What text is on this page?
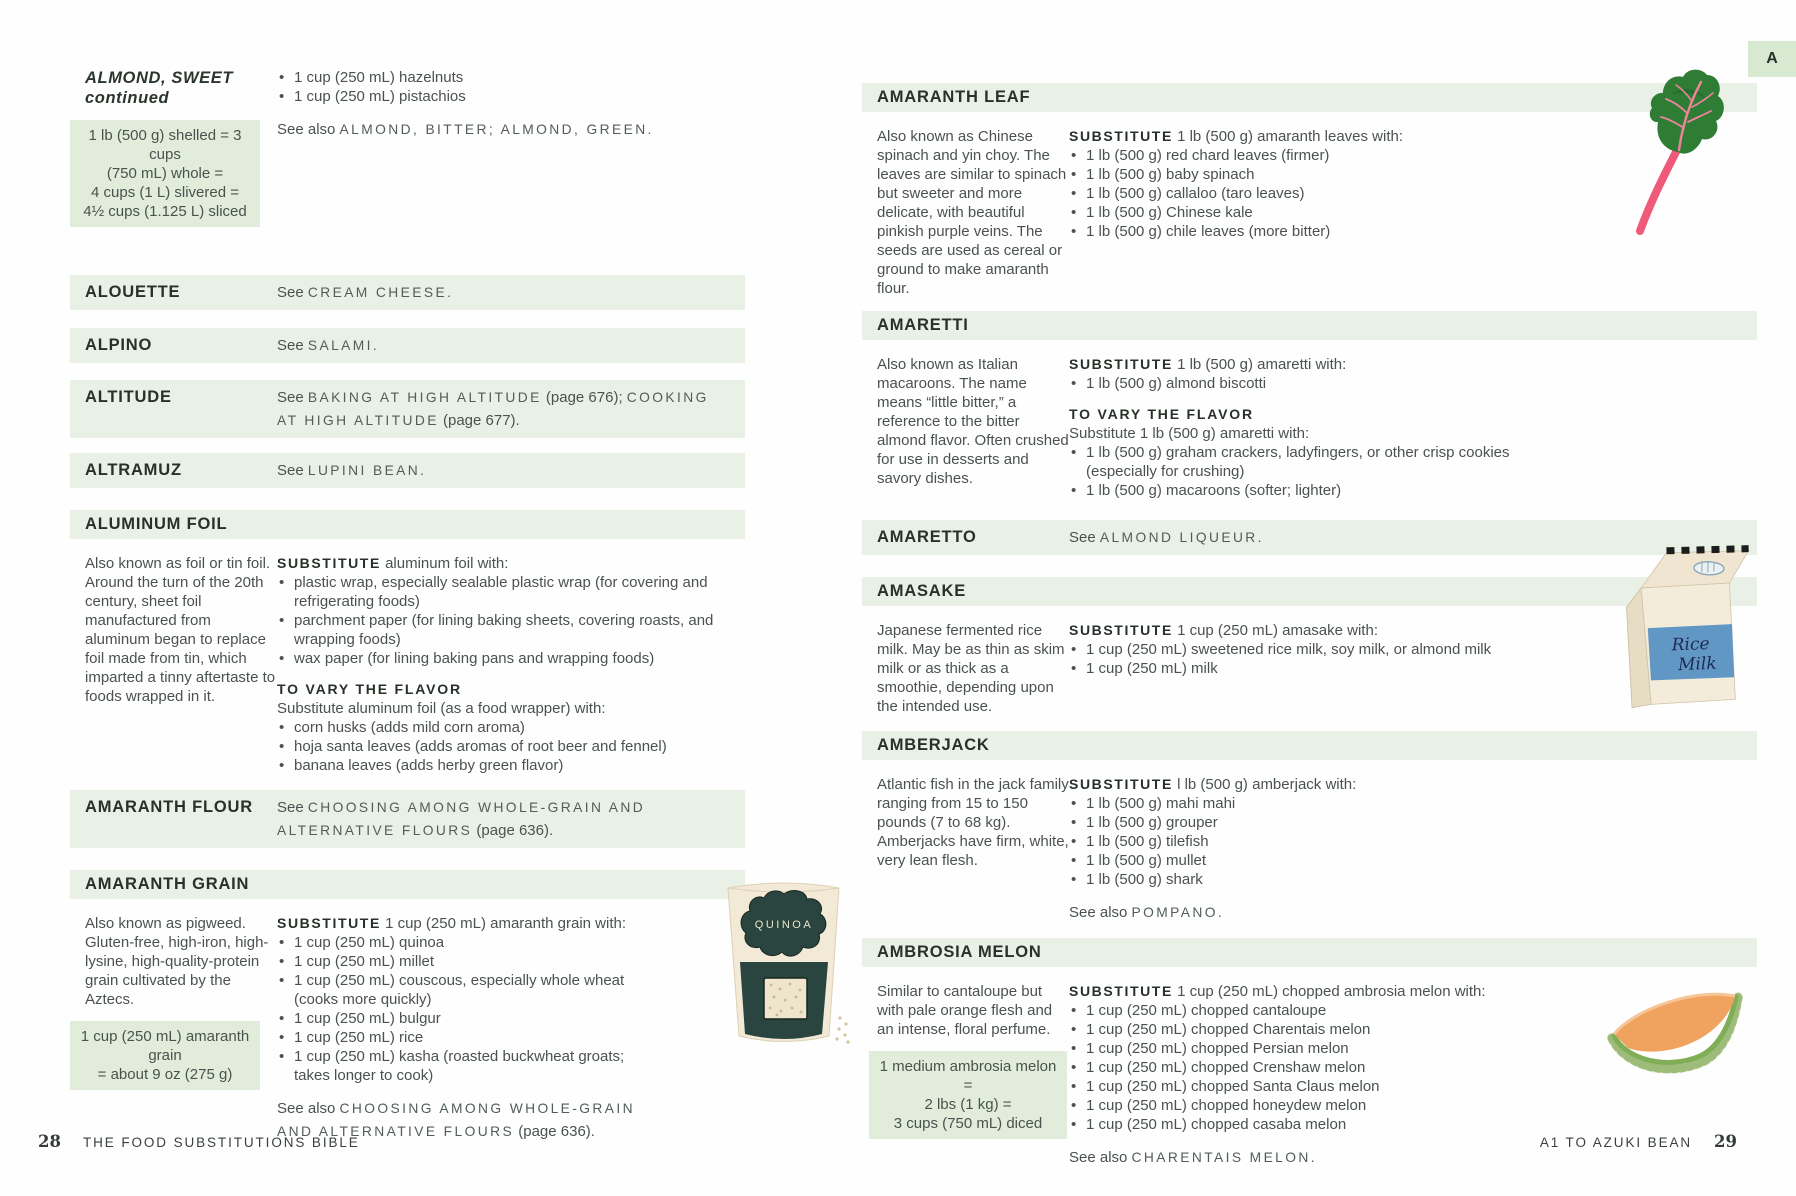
ALMOND, SWEET
continued
1 lb (500 g) shelled = 3 cups
(750 mL) whole =
4 cups (1 L) slivered =
4½ cups (1.125 L) sliced
• 1 cup (250 mL) hazelnuts
• 1 cup (250 mL) pistachios
See also ALMOND, BITTER; ALMOND, GREEN.
ALOUETTE	See CREAM CHEESE.
ALPINO	See SALAMI.
ALTITUDE	See BAKING AT HIGH ALTITUDE (page 676); COOKING AT HIGH ALTITUDE (page 677).
ALTRAMUZ	See LUPINI BEAN.
ALUMINUM FOIL
Also known as foil or tin foil. Around the turn of the 20th century, sheet foil manufactured from aluminum began to replace foil made from tin, which imparted a tinny aftertaste to foods wrapped in it.
SUBSTITUTE aluminum foil with:
• plastic wrap, especially sealable plastic wrap (for covering and refrigerating foods)
• parchment paper (for lining baking sheets, covering roasts, and wrapping foods)
• wax paper (for lining baking pans and wrapping foods)
TO VARY THE FLAVOR
Substitute aluminum foil (as a food wrapper) with:
• corn husks (adds mild corn aroma)
• hoja santa leaves (adds aromas of root beer and fennel)
• banana leaves (adds herby green flavor)
AMARANTH FLOUR	See CHOOSING AMONG WHOLE-GRAIN AND ALTERNATIVE FLOURS (page 636).
AMARANTH GRAIN
Also known as pigweed. Gluten-free, high-iron, high-lysine, high-quality-protein grain cultivated by the Aztecs.
1 cup (250 mL) amaranth grain
= about 9 oz (275 g)
SUBSTITUTE 1 cup (250 mL) amaranth grain with:
• 1 cup (250 mL) quinoa
• 1 cup (250 mL) millet
• 1 cup (250 mL) couscous, especially whole wheat (cooks more quickly)
• 1 cup (250 mL) bulgur
• 1 cup (250 mL) rice
• 1 cup (250 mL) kasha (roasted buckwheat groats; takes longer to cook)
See also CHOOSING AMONG WHOLE-GRAIN AND ALTERNATIVE FLOURS (page 636).
AMARANTH LEAF
Also known as Chinese spinach and yin choy. The leaves are similar to spinach but sweeter and more delicate, with beautiful pinkish purple veins. The seeds are used as cereal or ground to make amaranth flour.
SUBSTITUTE 1 lb (500 g) amaranth leaves with:
• 1 lb (500 g) red chard leaves (firmer)
• 1 lb (500 g) baby spinach
• 1 lb (500 g) callaloo (taro leaves)
• 1 lb (500 g) Chinese kale
• 1 lb (500 g) chile leaves (more bitter)
AMARETTI
Also known as Italian macaroons. The name means “little bitter,” a reference to the bitter almond flavor. Often crushed for use in desserts and savory dishes.
SUBSTITUTE 1 lb (500 g) amaretti with:
• 1 lb (500 g) almond biscotti
TO VARY THE FLAVOR
Substitute 1 lb (500 g) amaretti with:
• 1 lb (500 g) graham crackers, ladyfingers, or other crisp cookies (especially for crushing)
• 1 lb (500 g) macaroons (softer; lighter)
AMARETTO	See ALMOND LIQUEUR.
AMASAKE
Japanese fermented rice milk. May be as thin as skim milk or as thick as a smoothie, depending upon the intended use.
SUBSTITUTE 1 cup (250 mL) amasake with:
• 1 cup (250 mL) sweetened rice milk, soy milk, or almond milk
• 1 cup (250 mL) milk
AMBERJACK
Atlantic fish in the jack family ranging from 15 to 150 pounds (7 to 68 kg). Amberjacks have firm, white, very lean flesh.
SUBSTITUTE l lb (500 g) amberjack with:
• 1 lb (500 g) mahi mahi
• 1 lb (500 g) grouper
• 1 lb (500 g) tilefish
• 1 lb (500 g) mullet
• 1 lb (500 g) shark
See also POMPANO.
AMBROSIA MELON
Similar to cantaloupe but with pale orange flesh and an intense, floral perfume.
1 medium ambrosia melon =
2 lbs (1 kg) =
3 cups (750 mL) diced
SUBSTITUTE 1 cup (250 mL) chopped ambrosia melon with:
• 1 cup (250 mL) chopped cantaloupe
• 1 cup (250 mL) chopped Charentais melon
• 1 cup (250 mL) chopped Persian melon
• 1 cup (250 mL) chopped Crenshaw melon
• 1 cup (250 mL) chopped Santa Claus melon
• 1 cup (250 mL) chopped honeydew melon
• 1 cup (250 mL) chopped casaba melon
See also CHARENTAIS MELON.
QUINOA
Rice
Milk
A
28 THE FOOD SUBSTITUTIONS BIBLE	A1 TO AZUKI BEAN 29
